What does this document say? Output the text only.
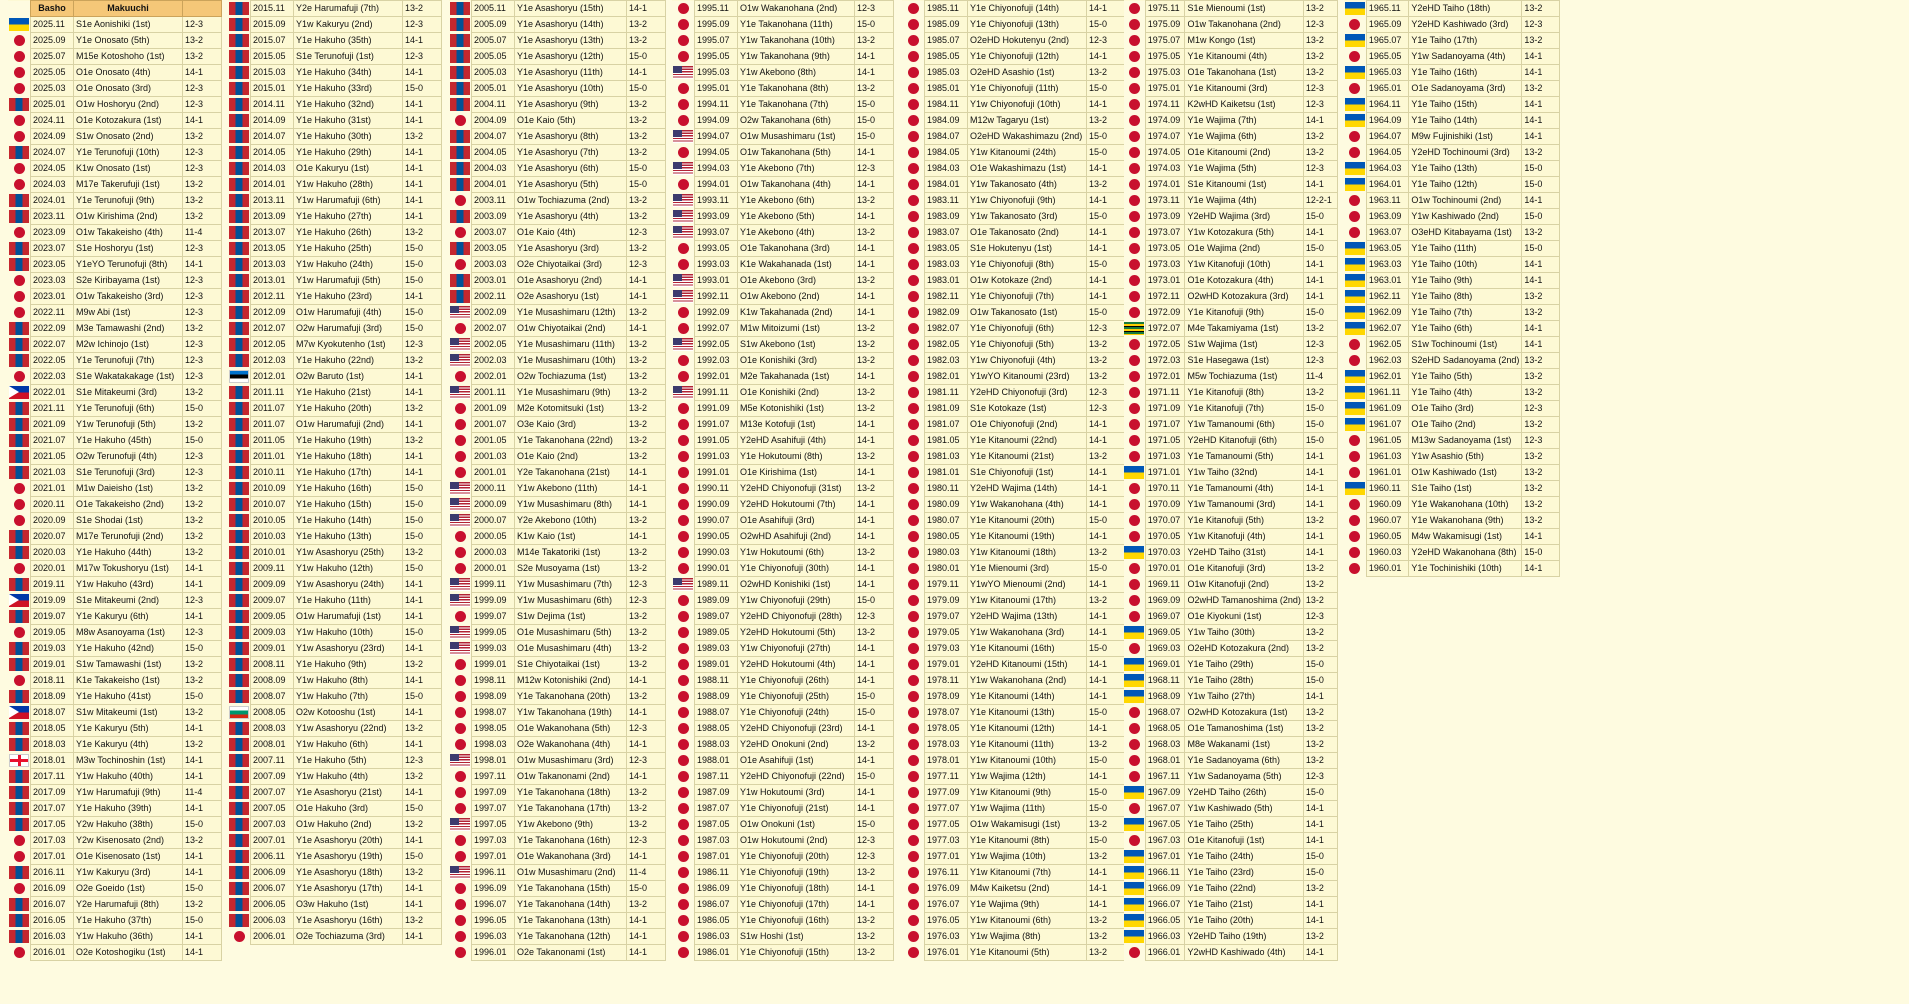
	Basho	Makuuchi	
	2025.11	S1e Aonishiki (1st)	12-3
	2025.09	Y1e Onosato (5th)	13-2
	2025.07	M15e Kotoshoho (1st)	13-2
	2025.05	O1e Onosato (4th)	14-1
	2025.03	O1e Onosato (3rd)	12-3
	2025.01	O1w Hoshoryu (2nd)	12-3
	2024.11	O1e Kotozakura (1st)	14-1
	2024.09	S1w Onosato (2nd)	13-2
	2024.07	Y1e Terunofuji (10th)	12-3
	2024.05	K1w Onosato (1st)	12-3
	2024.03	M17e Takerufuji (1st)	13-2
	2024.01	Y1e Terunofuji (9th)	13-2
	2023.11	O1w Kirishima (2nd)	13-2
	2023.09	O1w Takakeisho (4th)	11-4
	2023.07	S1e Hoshoryu (1st)	12-3
	2023.05	Y1eYO Terunofuji (8th)	14-1
	2023.03	S2e Kiribayama (1st)	12-3
	2023.01	O1w Takakeisho (3rd)	12-3
	2022.11	M9w Abi (1st)	12-3
	2022.09	M3e Tamawashi (2nd)	13-2
	2022.07	M2w Ichinojo (1st)	12-3
	2022.05	Y1e Terunofuji (7th)	12-3
	2022.03	S1e Wakatakakage (1st)	12-3
	2022.01	S1e Mitakeumi (3rd)	13-2
	2021.11	Y1e Terunofuji (6th)	15-0
	2021.09	Y1w Terunofuji (5th)	13-2
	2021.07	Y1e Hakuho (45th)	15-0
	2021.05	O2w Terunofuji (4th)	12-3
	2021.03	S1e Terunofuji (3rd)	12-3
	2021.01	M1w Daieisho (1st)	13-2
	2020.11	O1e Takakeisho (2nd)	13-2
	2020.09	S1e Shodai (1st)	13-2
	2020.07	M17e Terunofuji (2nd)	13-2
	2020.03	Y1e Hakuho (44th)	13-2
	2020.01	M17w Tokushoryu (1st)	14-1
	2019.11	Y1w Hakuho (43rd)	14-1
	2019.09	S1e Mitakeumi (2nd)	12-3
	2019.07	Y1e Kakuryu (6th)	14-1
	2019.05	M8w Asanoyama (1st)	12-3
	2019.03	Y1e Hakuho (42nd)	15-0
	2019.01	S1w Tamawashi (1st)	13-2
	2018.11	K1e Takakeisho (1st)	13-2
	2018.09	Y1e Hakuho (41st)	15-0
	2018.07	S1w Mitakeumi (1st)	13-2
	2018.05	Y1e Kakuryu (5th)	14-1
	2018.03	Y1e Kakuryu (4th)	13-2
	2018.01	M3w Tochinoshin (1st)	14-1
	2017.11	Y1w Hakuho (40th)	14-1
	2017.09	Y1w Harumafuji (9th)	11-4
	2017.07	Y1e Hakuho (39th)	14-1
	2017.05	Y2w Hakuho (38th)	15-0
	2017.03	Y2w Kisenosato (2nd)	13-2
	2017.01	O1e Kisenosato (1st)	14-1
	2016.11	Y1w Kakuryu (3rd)	14-1
	2016.09	O2e Goeido (1st)	15-0
	2016.07	Y2e Harumafuji (8th)	13-2
	2016.05	Y1e Hakuho (37th)	15-0
	2016.03	Y1w Hakuho (36th)	14-1
	2016.01	O2e Kotoshogiku (1st)	14-1
	2015.11	Y2e Harumafuji (7th)	13-2
	2015.09	Y1w Kakuryu (2nd)	12-3
	2015.07	Y1e Hakuho (35th)	14-1
	2015.05	S1e Terunofuji (1st)	12-3
	2015.03	Y1e Hakuho (34th)	14-1
	2015.01	Y1e Hakuho (33rd)	15-0
	2014.11	Y1e Hakuho (32nd)	14-1
	2014.09	Y1e Hakuho (31st)	14-1
	2014.07	Y1e Hakuho (30th)	13-2
	2014.05	Y1e Hakuho (29th)	14-1
	2014.03	O1e Kakuryu (1st)	14-1
	2014.01	Y1w Hakuho (28th)	14-1
	2013.11	Y1w Harumafuji (6th)	14-1
	2013.09	Y1e Hakuho (27th)	14-1
	2013.07	Y1e Hakuho (26th)	13-2
	2013.05	Y1e Hakuho (25th)	15-0
	2013.03	Y1w Hakuho (24th)	15-0
	2013.01	Y1w Harumafuji (5th)	15-0
	2012.11	Y1e Hakuho (23rd)	14-1
	2012.09	O1w Harumafuji (4th)	15-0
	2012.07	O2w Harumafuji (3rd)	15-0
	2012.05	M7w Kyokutenho (1st)	12-3
	2012.03	Y1e Hakuho (22nd)	13-2
	2012.01	O2w Baruto (1st)	14-1
	2011.11	Y1e Hakuho (21st)	14-1
	2011.07	Y1e Hakuho (20th)	13-2
	2011.07	O1w Harumafuji (2nd)	14-1
	2011.05	Y1e Hakuho (19th)	13-2
	2011.01	Y1e Hakuho (18th)	14-1
	2010.11	Y1e Hakuho (17th)	14-1
	2010.09	Y1e Hakuho (16th)	15-0
	2010.07	Y1e Hakuho (15th)	15-0
	2010.05	Y1e Hakuho (14th)	15-0
	2010.03	Y1e Hakuho (13th)	15-0
	2010.01	Y1w Asashoryu (25th)	13-2
	2009.11	Y1w Hakuho (12th)	15-0
	2009.09	Y1w Asashoryu (24th)	14-1
	2009.07	Y1e Hakuho (11th)	14-1
	2009.05	O1w Harumafuji (1st)	14-1
	2009.03	Y1w Hakuho (10th)	15-0
	2009.01	Y1w Asashoryu (23rd)	14-1
	2008.11	Y1e Hakuho (9th)	13-2
	2008.09	Y1w Hakuho (8th)	14-1
	2008.07	Y1w Hakuho (7th)	15-0
	2008.05	O2w Kotooshu (1st)	14-1
	2008.03	Y1w Asashoryu (22nd)	13-2
	2008.01	Y1w Hakuho (6th)	14-1
	2007.11	Y1e Hakuho (5th)	12-3
	2007.09	Y1w Hakuho (4th)	13-2
	2007.07	Y1e Asashoryu (21st)	14-1
	2007.05	O1e Hakuho (3rd)	15-0
	2007.03	O1w Hakuho (2nd)	13-2
	2007.01	Y1e Asashoryu (20th)	14-1
	2006.11	Y1e Asashoryu (19th)	15-0
	2006.09	Y1e Asashoryu (18th)	13-2
	2006.07	Y1e Asashoryu (17th)	14-1
	2006.05	O3w Hakuho (1st)	14-1
	2006.03	Y1e Asashoryu (16th)	13-2
	2006.01	O2e Tochiazuma (3rd)	14-1
	2005.11	Y1e Asashoryu (15th)	14-1
	2005.09	Y1e Asashoryu (14th)	13-2
	2005.07	Y1e Asashoryu (13th)	13-2
	2005.05	Y1e Asashoryu (12th)	15-0
	2005.03	Y1e Asashoryu (11th)	14-1
	2005.01	Y1e Asashoryu (10th)	15-0
	2004.11	Y1e Asashoryu (9th)	13-2
	2004.09	O1e Kaio (5th)	13-2
	2004.07	Y1e Asashoryu (8th)	13-2
	2004.05	Y1e Asashoryu (7th)	13-2
	2004.03	Y1e Asashoryu (6th)	15-0
	2004.01	Y1e Asashoryu (5th)	15-0
	2003.11	O1w Tochiazuma (2nd)	13-2
	2003.09	Y1e Asashoryu (4th)	13-2
	2003.07	O1e Kaio (4th)	12-3
	2003.05	Y1e Asashoryu (3rd)	13-2
	2003.03	O2e Chiyotaikai (3rd)	12-3
	2003.01	O1e Asashoryu (2nd)	14-1
	2002.11	O2e Asashoryu (1st)	14-1
	2002.09	Y1e Musashimaru (12th)	13-2
	2002.07	O1w Chiyotaikai (2nd)	14-1
	2002.05	Y1e Musashimaru (11th)	13-2
	2002.03	Y1e Musashimaru (10th)	13-2
	2002.01	O2w Tochiazuma (1st)	13-2
	2001.11	Y1e Musashimaru (9th)	13-2
	2001.09	M2e Kotomitsuki (1st)	13-2
	2001.07	O3e Kaio (3rd)	13-2
	2001.05	Y1e Takanohana (22nd)	13-2
	2001.03	O1e Kaio (2nd)	13-2
	2001.01	Y2e Takanohana (21st)	14-1
	2000.11	Y1w Akebono (11th)	14-1
	2000.09	Y1w Musashimaru (8th)	14-1
	2000.07	Y2e Akebono (10th)	13-2
	2000.05	K1w Kaio (1st)	14-1
	2000.03	M14e Takatoriki (1st)	13-2
	2000.01	S2e Musoyama (1st)	13-2
	1999.11	Y1w Musashimaru (7th)	12-3
	1999.09	Y1w Musashimaru (6th)	12-3
	1999.07	S1w Dejima (1st)	13-2
	1999.05	O1e Musashimaru (5th)	13-2
	1999.03	O1e Musashimaru (4th)	13-2
	1999.01	S1e Chiyotaikai (1st)	13-2
	1998.11	M12w Kotonishiki (2nd)	14-1
	1998.09	Y1e Takanohana (20th)	13-2
	1998.07	Y1w Takanohana (19th)	14-1
	1998.05	O1e Wakanohana (5th)	12-3
	1998.03	O2e Wakanohana (4th)	14-1
	1998.01	O1w Musashimaru (3rd)	12-3
	1997.11	O1w Takanonami (2nd)	14-1
	1997.09	Y1e Takanohana (18th)	13-2
	1997.07	Y1e Takanohana (17th)	13-2
	1997.05	Y1w Akebono (9th)	13-2
	1997.03	Y1e Takanohana (16th)	12-3
	1997.01	O1e Wakanohana (3rd)	14-1
	1996.11	O1w Musashimaru (2nd)	11-4
	1996.09	Y1e Takanohana (15th)	15-0
	1996.07	Y1e Takanohana (14th)	13-2
	1996.05	Y1e Takanohana (13th)	14-1
	1996.03	Y1e Takanohana (12th)	14-1
	1996.01	O2e Takanonami (1st)	14-1
	1995.11	O1w Wakanohana (2nd)	12-3
	1995.09	Y1e Takanohana (11th)	15-0
	1995.07	Y1w Takanohana (10th)	13-2
	1995.05	Y1w Takanohana (9th)	14-1
	1995.03	Y1w Akebono (8th)	14-1
	1995.01	Y1e Takanohana (8th)	13-2
	1994.11	Y1e Takanohana (7th)	15-0
	1994.09	O2w Takanohana (6th)	15-0
	1994.07	O1w Musashimaru (1st)	15-0
	1994.05	O1w Takanohana (5th)	14-1
	1994.03	Y1e Akebono (7th)	12-3
	1994.01	O1w Takanohana (4th)	14-1
	1993.11	Y1e Akebono (6th)	13-2
	1993.09	Y1e Akebono (5th)	14-1
	1993.07	Y1e Akebono (4th)	13-2
	1993.05	O1e Takanohana (3rd)	14-1
	1993.03	K1e Wakahanada (1st)	14-1
	1993.01	O1e Akebono (3rd)	13-2
	1992.11	O1w Akebono (2nd)	14-1
	1992.09	K1w Takahanada (2nd)	14-1
	1992.07	M1w Mitoizumi (1st)	13-2
	1992.05	S1w Akebono (1st)	13-2
	1992.03	O1e Konishiki (3rd)	13-2
	1992.01	M2e Takahanada (1st)	14-1
	1991.11	O1e Konishiki (2nd)	13-2
	1991.09	M5e Kotonishiki (1st)	13-2
	1991.07	M13e Kotofuji (1st)	14-1
	1991.05	Y2eHD Asahifuji (4th)	14-1
	1991.03	Y1e Hokutoumi (8th)	13-2
	1991.01	O1e Kirishima (1st)	14-1
	1990.11	Y2eHD Chiyonofuji (31st)	13-2
	1990.09	Y2eHD Hokutoumi (7th)	14-1
	1990.07	O1e Asahifuji (3rd)	14-1
	1990.05	O2wHD Asahifuji (2nd)	14-1
	1990.03	Y1w Hokutoumi (6th)	13-2
	1990.01	Y1e Chiyonofuji (30th)	14-1
	1989.11	O2wHD Konishiki (1st)	14-1
	1989.09	Y1w Chiyonofuji (29th)	15-0
	1989.07	Y2eHD Chiyonofuji (28th)	12-3
	1989.05	Y2eHD Hokutoumi (5th)	13-2
	1989.03	Y1w Chiyonofuji (27th)	14-1
	1989.01	Y2eHD Hokutoumi (4th)	14-1
	1988.11	Y1e Chiyonofuji (26th)	14-1
	1988.09	Y1e Chiyonofuji (25th)	15-0
	1988.07	Y1e Chiyonofuji (24th)	15-0
	1988.05	Y2eHD Chiyonofuji (23rd)	14-1
	1988.03	Y2eHD Onokuni (2nd)	13-2
	1988.01	O1e Asahifuji (1st)	14-1
	1987.11	Y2eHD Chiyonofuji (22nd)	15-0
	1987.09	Y1w Hokutoumi (3rd)	14-1
	1987.07	Y1e Chiyonofuji (21st)	14-1
	1987.05	O1w Onokuni (1st)	15-0
	1987.03	O1w Hokutoumi (2nd)	12-3
	1987.01	Y1e Chiyonofuji (20th)	12-3
	1986.11	Y1e Chiyonofuji (19th)	13-2
	1986.09	Y1e Chiyonofuji (18th)	14-1
	1986.07	Y1e Chiyonofuji (17th)	14-1
	1986.05	Y1e Chiyonofuji (16th)	13-2
	1986.03	S1w Hoshi (1st)	13-2
	1986.01	Y1e Chiyonofuji (15th)	13-2
	1985.11	Y1e Chiyonofuji (14th)	14-1
	1985.09	Y1e Chiyonofuji (13th)	15-0
	1985.07	O2eHD Hokutenyu (2nd)	12-3
	1985.05	Y1e Chiyonofuji (12th)	14-1
	1985.03	O2eHD Asashio (1st)	13-2
	1985.01	Y1e Chiyonofuji (11th)	15-0
	1984.11	Y1w Chiyonofuji (10th)	14-1
	1984.09	M12w Tagaryu (1st)	13-2
	1984.07	O2eHD Wakashimazu (2nd)	15-0
	1984.05	Y1w Kitanoumi (24th)	15-0
	1984.03	O1e Wakashimazu (1st)	14-1
	1984.01	Y1w Takanosato (4th)	13-2
	1983.11	Y1w Chiyonofuji (9th)	14-1
	1983.09	Y1w Takanosato (3rd)	15-0
	1983.07	O1e Takanosato (2nd)	14-1
	1983.05	S1e Hokutenyu (1st)	14-1
	1983.03	Y1e Chiyonofuji (8th)	15-0
	1983.01	O1w Kotokaze (2nd)	14-1
	1982.11	Y1e Chiyonofuji (7th)	14-1
	1982.09	O1w Takanosato (1st)	15-0
	1982.07	Y1e Chiyonofuji (6th)	12-3
	1982.05	Y1e Chiyonofuji (5th)	13-2
	1982.03	Y1w Chiyonofuji (4th)	13-2
	1982.01	Y1wYO Kitanoumi (23rd)	13-2
	1981.11	Y2eHD Chiyonofuji (3rd)	12-3
	1981.09	S1e Kotokaze (1st)	12-3
	1981.07	O1e Chiyonofuji (2nd)	14-1
	1981.05	Y1e Kitanoumi (22nd)	14-1
	1981.03	Y1e Kitanoumi (21st)	13-2
	1981.01	S1e Chiyonofuji (1st)	14-1
	1980.11	Y2eHD Wajima (14th)	14-1
	1980.09	Y1w Wakanohana (4th)	14-1
	1980.07	Y1e Kitanoumi (20th)	15-0
	1980.05	Y1e Kitanoumi (19th)	14-1
	1980.03	Y1w Kitanoumi (18th)	13-2
	1980.01	Y1e Mienoumi (3rd)	15-0
	1979.11	Y1wYO Mienoumi (2nd)	14-1
	1979.09	Y1w Kitanoumi (17th)	13-2
	1979.07	Y2eHD Wajima (13th)	14-1
	1979.05	Y1w Wakanohana (3rd)	14-1
	1979.03	Y1e Kitanoumi (16th)	15-0
	1979.01	Y2eHD Kitanoumi (15th)	14-1
	1978.11	Y1w Wakanohana (2nd)	14-1
	1978.09	Y1e Kitanoumi (14th)	14-1
	1978.07	Y1e Kitanoumi (13th)	15-0
	1978.05	Y1e Kitanoumi (12th)	14-1
	1978.03	Y1e Kitanoumi (11th)	13-2
	1978.01	Y1w Kitanoumi (10th)	15-0
	1977.11	Y1w Wajima (12th)	14-1
	1977.09	Y1w Kitanoumi (9th)	15-0
	1977.07	Y1w Wajima (11th)	15-0
	1977.05	O1w Wakamisugi (1st)	13-2
	1977.03	Y1e Kitanoumi (8th)	15-0
	1977.01	Y1w Wajima (10th)	13-2
	1976.11	Y1w Kitanoumi (7th)	14-1
	1976.09	M4w Kaiketsu (2nd)	14-1
	1976.07	Y1e Wajima (9th)	14-1
	1976.05	Y1w Kitanoumi (6th)	13-2
	1976.03	Y1w Wajima (8th)	13-2
	1976.01	Y1e Kitanoumi (5th)	13-2
	1975.11	S1e Mienoumi (1st)	13-2
	1975.09	O1w Takanohana (2nd)	12-3
	1975.07	M1w Kongo (1st)	13-2
	1975.05	Y1e Kitanoumi (4th)	13-2
	1975.03	O1e Takanohana (1st)	13-2
	1975.01	Y1e Kitanoumi (3rd)	12-3
	1974.11	K2wHD Kaiketsu (1st)	12-3
	1974.09	Y1e Wajima (7th)	14-1
	1974.07	Y1e Wajima (6th)	13-2
	1974.05	O1e Kitanoumi (2nd)	13-2
	1974.03	Y1e Wajima (5th)	12-3
	1974.01	S1e Kitanoumi (1st)	14-1
	1973.11	Y1e Wajima (4th)	12-2-1
	1973.09	Y2eHD Wajima (3rd)	15-0
	1973.07	Y1w Kotozakura (5th)	14-1
	1973.05	O1e Wajima (2nd)	15-0
	1973.03	Y1w Kitanofuji (10th)	14-1
	1973.01	O1e Kotozakura (4th)	14-1
	1972.11	O2wHD Kotozakura (3rd)	14-1
	1972.09	Y1e Kitanofuji (9th)	15-0
	1972.07	M4e Takamiyama (1st)	13-2
	1972.05	S1w Wajima (1st)	12-3
	1972.03	S1e Hasegawa (1st)	12-3
	1972.01	M5w Tochiazuma (1st)	11-4
	1971.11	Y1e Kitanofuji (8th)	13-2
	1971.09	Y1e Kitanofuji (7th)	15-0
	1971.07	Y1w Tamanoumi (6th)	15-0
	1971.05	Y2eHD Kitanofuji (6th)	15-0
	1971.03	Y1e Tamanoumi (5th)	14-1
	1971.01	Y1w Taiho (32nd)	14-1
	1970.11	Y1e Tamanoumi (4th)	14-1
	1970.09	Y1w Tamanoumi (3rd)	14-1
	1970.07	Y1e Kitanofuji (5th)	13-2
	1970.05	Y1w Kitanofuji (4th)	14-1
	1970.03	Y2eHD Taiho (31st)	14-1
	1970.01	O1e Kitanofuji (3rd)	13-2
	1969.11	O1w Kitanofuji (2nd)	13-2
	1969.09	O2wHD Tamanoshima (2nd)	13-2
	1969.07	O1e Kiyokuni (1st)	12-3
	1969.05	Y1w Taiho (30th)	13-2
	1969.03	O2eHD Kotozakura (2nd)	13-2
	1969.01	Y1e Taiho (29th)	15-0
	1968.11	Y1e Taiho (28th)	15-0
	1968.09	Y1w Taiho (27th)	14-1
	1968.07	O2wHD Kotozakura (1st)	13-2
	1968.05	O1e Tamanoshima (1st)	13-2
	1968.03	M8e Wakanami (1st)	13-2
	1968.01	Y1e Sadanoyama (6th)	13-2
	1967.11	Y1w Sadanoyama (5th)	12-3
	1967.09	Y2eHD Taiho (26th)	15-0
	1967.07	Y1w Kashiwado (5th)	14-1
	1967.05	Y1e Taiho (25th)	14-1
	1967.03	O1e Kitanofuji (1st)	14-1
	1967.01	Y1e Taiho (24th)	15-0
	1966.11	Y1e Taiho (23rd)	15-0
	1966.09	Y1e Taiho (22nd)	13-2
	1966.07	Y1e Taiho (21st)	14-1
	1966.05	Y1e Taiho (20th)	14-1
	1966.03	Y2eHD Taiho (19th)	13-2
	1966.01	Y2wHD Kashiwado (4th)	14-1
	1965.11	Y2eHD Taiho (18th)	13-2
	1965.09	Y2eHD Kashiwado (3rd)	12-3
	1965.07	Y1e Taiho (17th)	13-2
	1965.05	Y1w Sadanoyama (4th)	14-1
	1965.03	Y1e Taiho (16th)	14-1
	1965.01	O1e Sadanoyama (3rd)	13-2
	1964.11	Y1e Taiho (15th)	14-1
	1964.09	Y1e Taiho (14th)	14-1
	1964.07	M9w Fujinishiki (1st)	14-1
	1964.05	Y2eHD Tochinoumi (3rd)	13-2
	1964.03	Y1e Taiho (13th)	15-0
	1964.01	Y1e Taiho (12th)	15-0
	1963.11	O1w Tochinoumi (2nd)	14-1
	1963.09	Y1w Kashiwado (2nd)	15-0
	1963.07	O3eHD Kitabayama (1st)	13-2
	1963.05	Y1e Taiho (11th)	15-0
	1963.03	Y1e Taiho (10th)	14-1
	1963.01	Y1e Taiho (9th)	14-1
	1962.11	Y1e Taiho (8th)	13-2
	1962.09	Y1e Taiho (7th)	13-2
	1962.07	Y1e Taiho (6th)	14-1
	1962.05	S1w Tochinoumi (1st)	14-1
	1962.03	S2eHD Sadanoyama (2nd)	13-2
	1962.01	Y1e Taiho (5th)	13-2
	1961.11	Y1e Taiho (4th)	13-2
	1961.09	O1e Taiho (3rd)	12-3
	1961.07	O1e Taiho (2nd)	13-2
	1961.05	M13w Sadanoyama (1st)	12-3
	1961.03	Y1w Asashio (5th)	13-2
	1961.01	O1w Kashiwado (1st)	13-2
	1960.11	S1e Taiho (1st)	13-2
	1960.09	Y1e Wakanohana (10th)	13-2
	1960.07	Y1e Wakanohana (9th)	13-2
	1960.05	M4w Wakamisugi (1st)	14-1
	1960.03	Y2eHD Wakanohana (8th)	15-0
	1960.01	Y1e Tochinishiki (10th)	14-1
